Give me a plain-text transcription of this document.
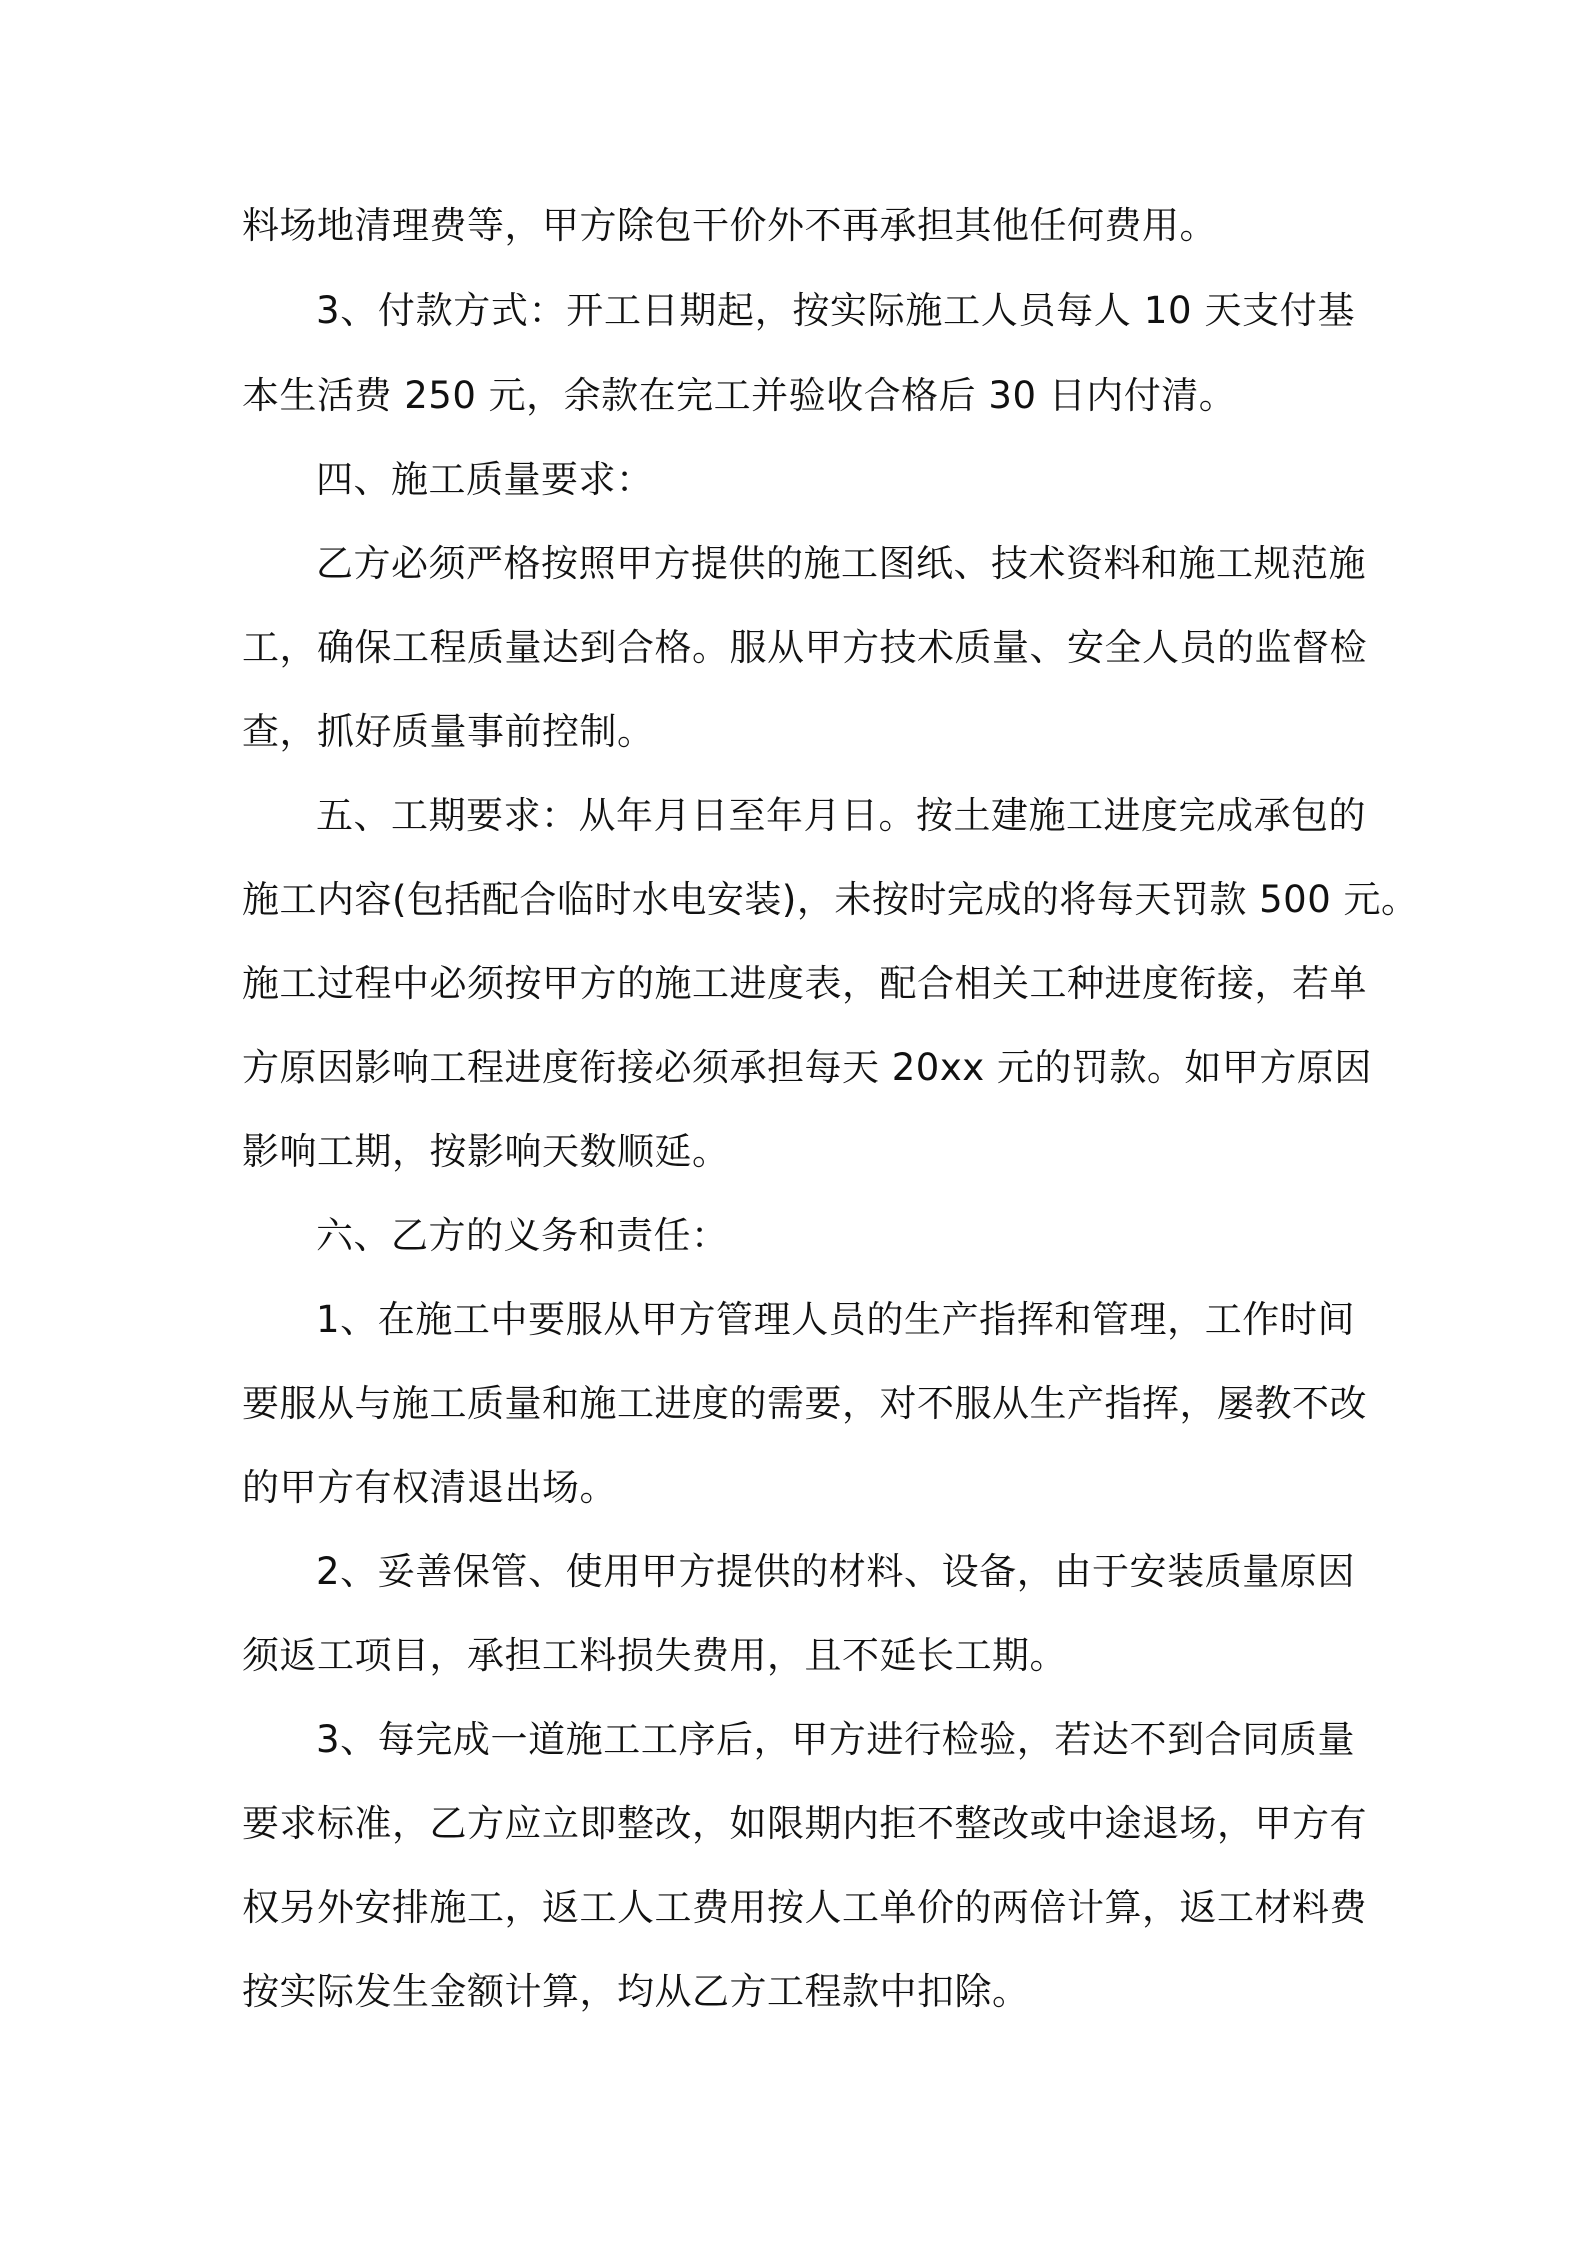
料场地清理费等，甲方除包干价外不再承担其他任何费用。
3、付款方式：开工日期起，按实际施工人员每人 10 天支付基
本生活费 250 元，余款在完工并验收合格后 30 日内付清。
四、施工质量要求：
乙方必须严格按照甲方提供的施工图纸、技术资料和施工规范施
工，确保工程质量达到合格。服从甲方技术质量、安全人员的监督检
查，抓好质量事前控制。
五、工期要求：从年月日至年月日。按土建施工进度完成承包的
施工内容(包括配合临时水电安装)，未按时完成的将每天罚款 500 元。
施工过程中必须按甲方的施工进度表，配合相关工种进度衔接，若单
方原因影响工程进度衔接必须承担每天 20xx 元的罚款。如甲方原因
影响工期，按影响天数顺延。
六、乙方的义务和责任：
1、在施工中要服从甲方管理人员的生产指挥和管理，工作时间
要服从与施工质量和施工进度的需要，对不服从生产指挥，屡教不改
的甲方有权清退出场。
2、妥善保管、使用甲方提供的材料、设备，由于安装质量原因
须返工项目，承担工料损失费用，且不延长工期。
3、每完成一道施工工序后，甲方进行检验，若达不到合同质量
要求标准，乙方应立即整改，如限期内拒不整改或中途退场，甲方有
权另外安排施工，返工人工费用按人工单价的两倍计算，返工材料费
按实际发生金额计算，均从乙方工程款中扣除。
